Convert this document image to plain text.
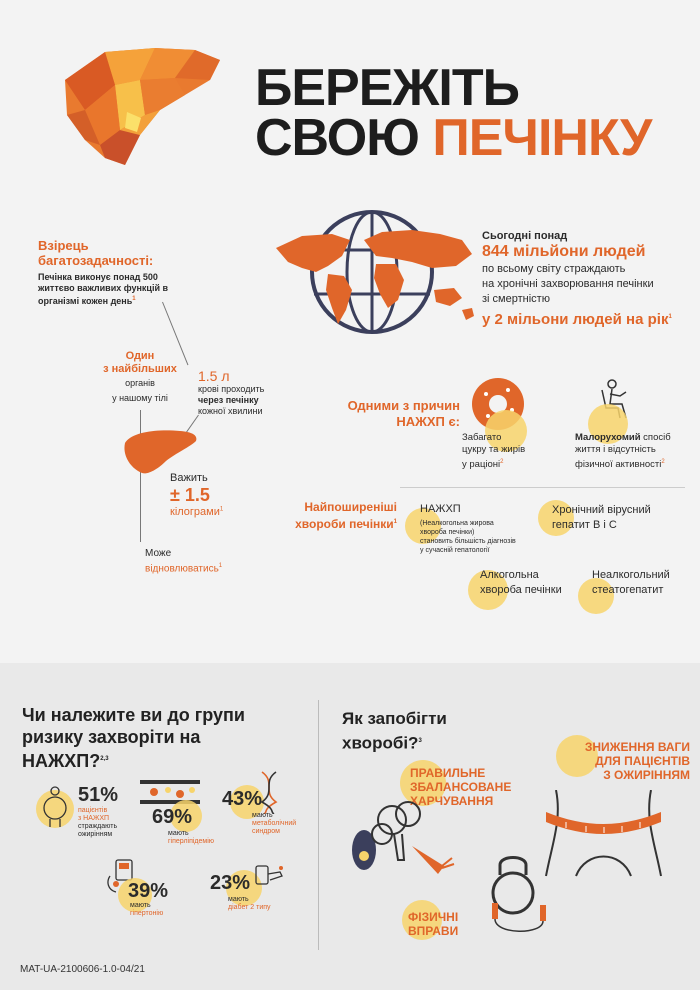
БЕРЕЖІТЬ
СВОЮ ПЕЧІНКУ
Сьогодні понад
844 мільйони людей
по всьому світу страждають
на хронічні захворювання печінки
зі смертністю
у 2 мільони людей на рік$^1$
Взірець
багатозадачності:
Печінка виконує понад 500
життєво важливих функцій в
організмі кожен день$^1$
Один
з найбільших
органів
у нашому тілі
1.5 л
крові проходить
через печінку
кожної хвилини
Важить
± 1.5
кілограми$^1$
Може
відновлюватись$^1$
Одними з причин
НАЖХП є:
Забагато
цукру та жирів
у раціоні$^2$
Малорухомий спосіб
життя і відсутність
фізичної активності$^2$
Найпоширеніші
хвороби печінки$^1$
НАЖХП
(Неалкогольна жирова
хвороба печінки)
становить більшість діагнозів
у сучасній гепатології
Хронічний вірусний
гепатит В і С
Алкогольна
хвороба печінки
Неалкогольний
стеатогепатит
Чи належите ви до групи
ризику захворіти на
НАЖХП?$^{2,3}$
51%
пацієнтів
з НАЖХП
страждають
ожирінням
69%
мають
гіперліпідемію
43%
мають
метаболічний
синдром
39%
мають
гіпертонію
23%
мають
діабет 2 типу
Як запобігти
хворобі?$^3$
ПРАВИЛЬНЕ
ЗБАЛАНСОВАНЕ
ХАРЧУВАННЯ
ЗНИЖЕННЯ ВАГИ
ДЛЯ ПАЦІЄНТІВ
З ОЖИРІННЯМ
ФІЗИЧНІ
ВПРАВИ
MAT-UA-2100606-1.0-04/21
